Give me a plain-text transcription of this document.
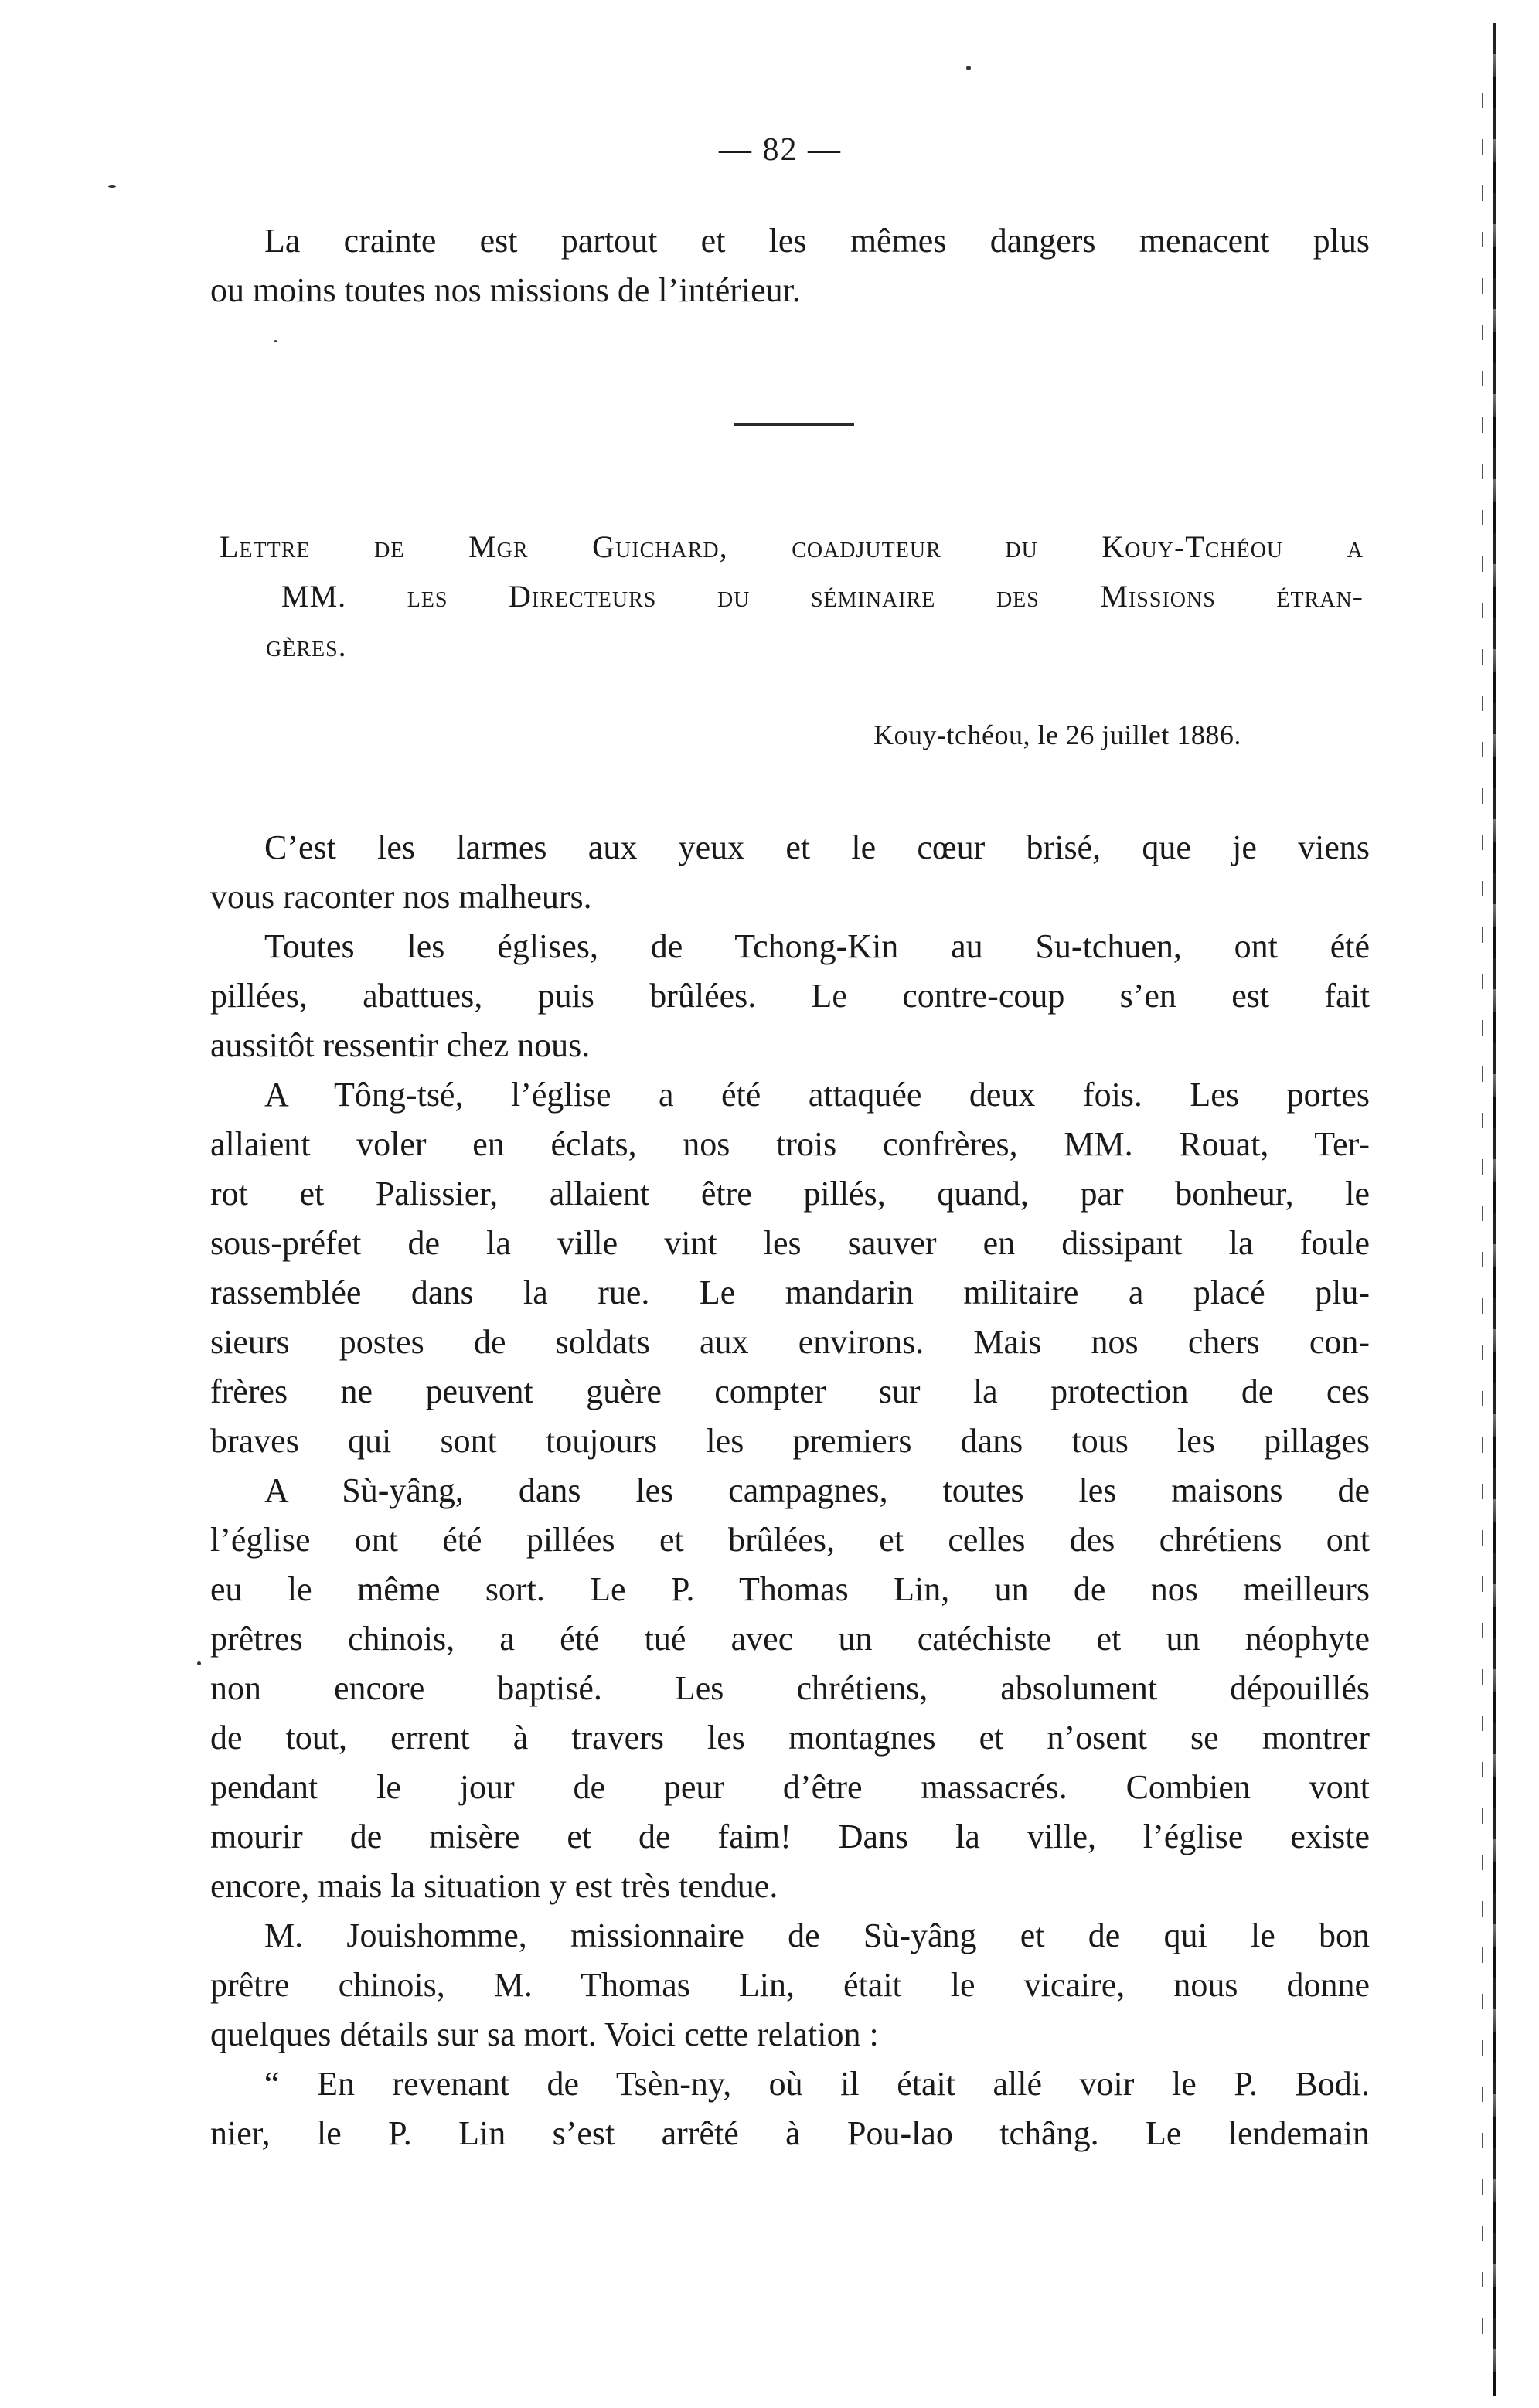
— 82 —
La crainte est partout et les mêmes dangers menacent plus
ou moins toutes nos missions de l’intérieur.
Lettre de Mgr Guichard, coadjuteur du Kouy-Tchéou a
MM. les Directeurs du séminaire des Missions étran-
gères.
Kouy-tchéou, le 26 juillet 1886.
C’est les larmes aux yeux et le cœur brisé, que je viens
vous raconter nos malheurs.
Toutes les églises, de Tchong-Kin au Su-tchuen, ont été
pillées, abattues, puis brûlées. Le contre-coup s’en est fait
aussitôt ressentir chez nous.
A Tông-tsé, l’église a été attaquée deux fois. Les portes
allaient voler en éclats, nos trois confrères, MM. Rouat, Ter-
rot et Palissier, allaient être pillés, quand, par bonheur, le
sous-préfet de la ville vint les sauver en dissipant la foule
rassemblée dans la rue. Le mandarin militaire a placé plu-
sieurs postes de soldats aux environs. Mais nos chers con-
frères ne peuvent guère compter sur la protection de ces
braves qui sont toujours les premiers dans tous les pillages
A Sù-yâng, dans les campagnes, toutes les maisons de
l’église ont été pillées et brûlées, et celles des chrétiens ont
eu le même sort. Le P. Thomas Lin, un de nos meilleurs
prêtres chinois, a été tué avec un catéchiste et un néophyte
non encore baptisé. Les chrétiens, absolument dépouillés
de tout, errent à travers les montagnes et n’osent se montrer
pendant le jour de peur d’être massacrés. Combien vont
mourir de misère et de faim! Dans la ville, l’église existe
encore, mais la situation y est très tendue.
M. Jouishomme, missionnaire de Sù-yâng et de qui le bon
prêtre chinois, M. Thomas Lin, était le vicaire, nous donne
quelques détails sur sa mort. Voici cette relation :
“ En revenant de Tsèn-ny, où il était allé voir le P. Bodi.
nier, le P. Lin s’est arrêté à Pou-lao tchâng. Le lendemain
